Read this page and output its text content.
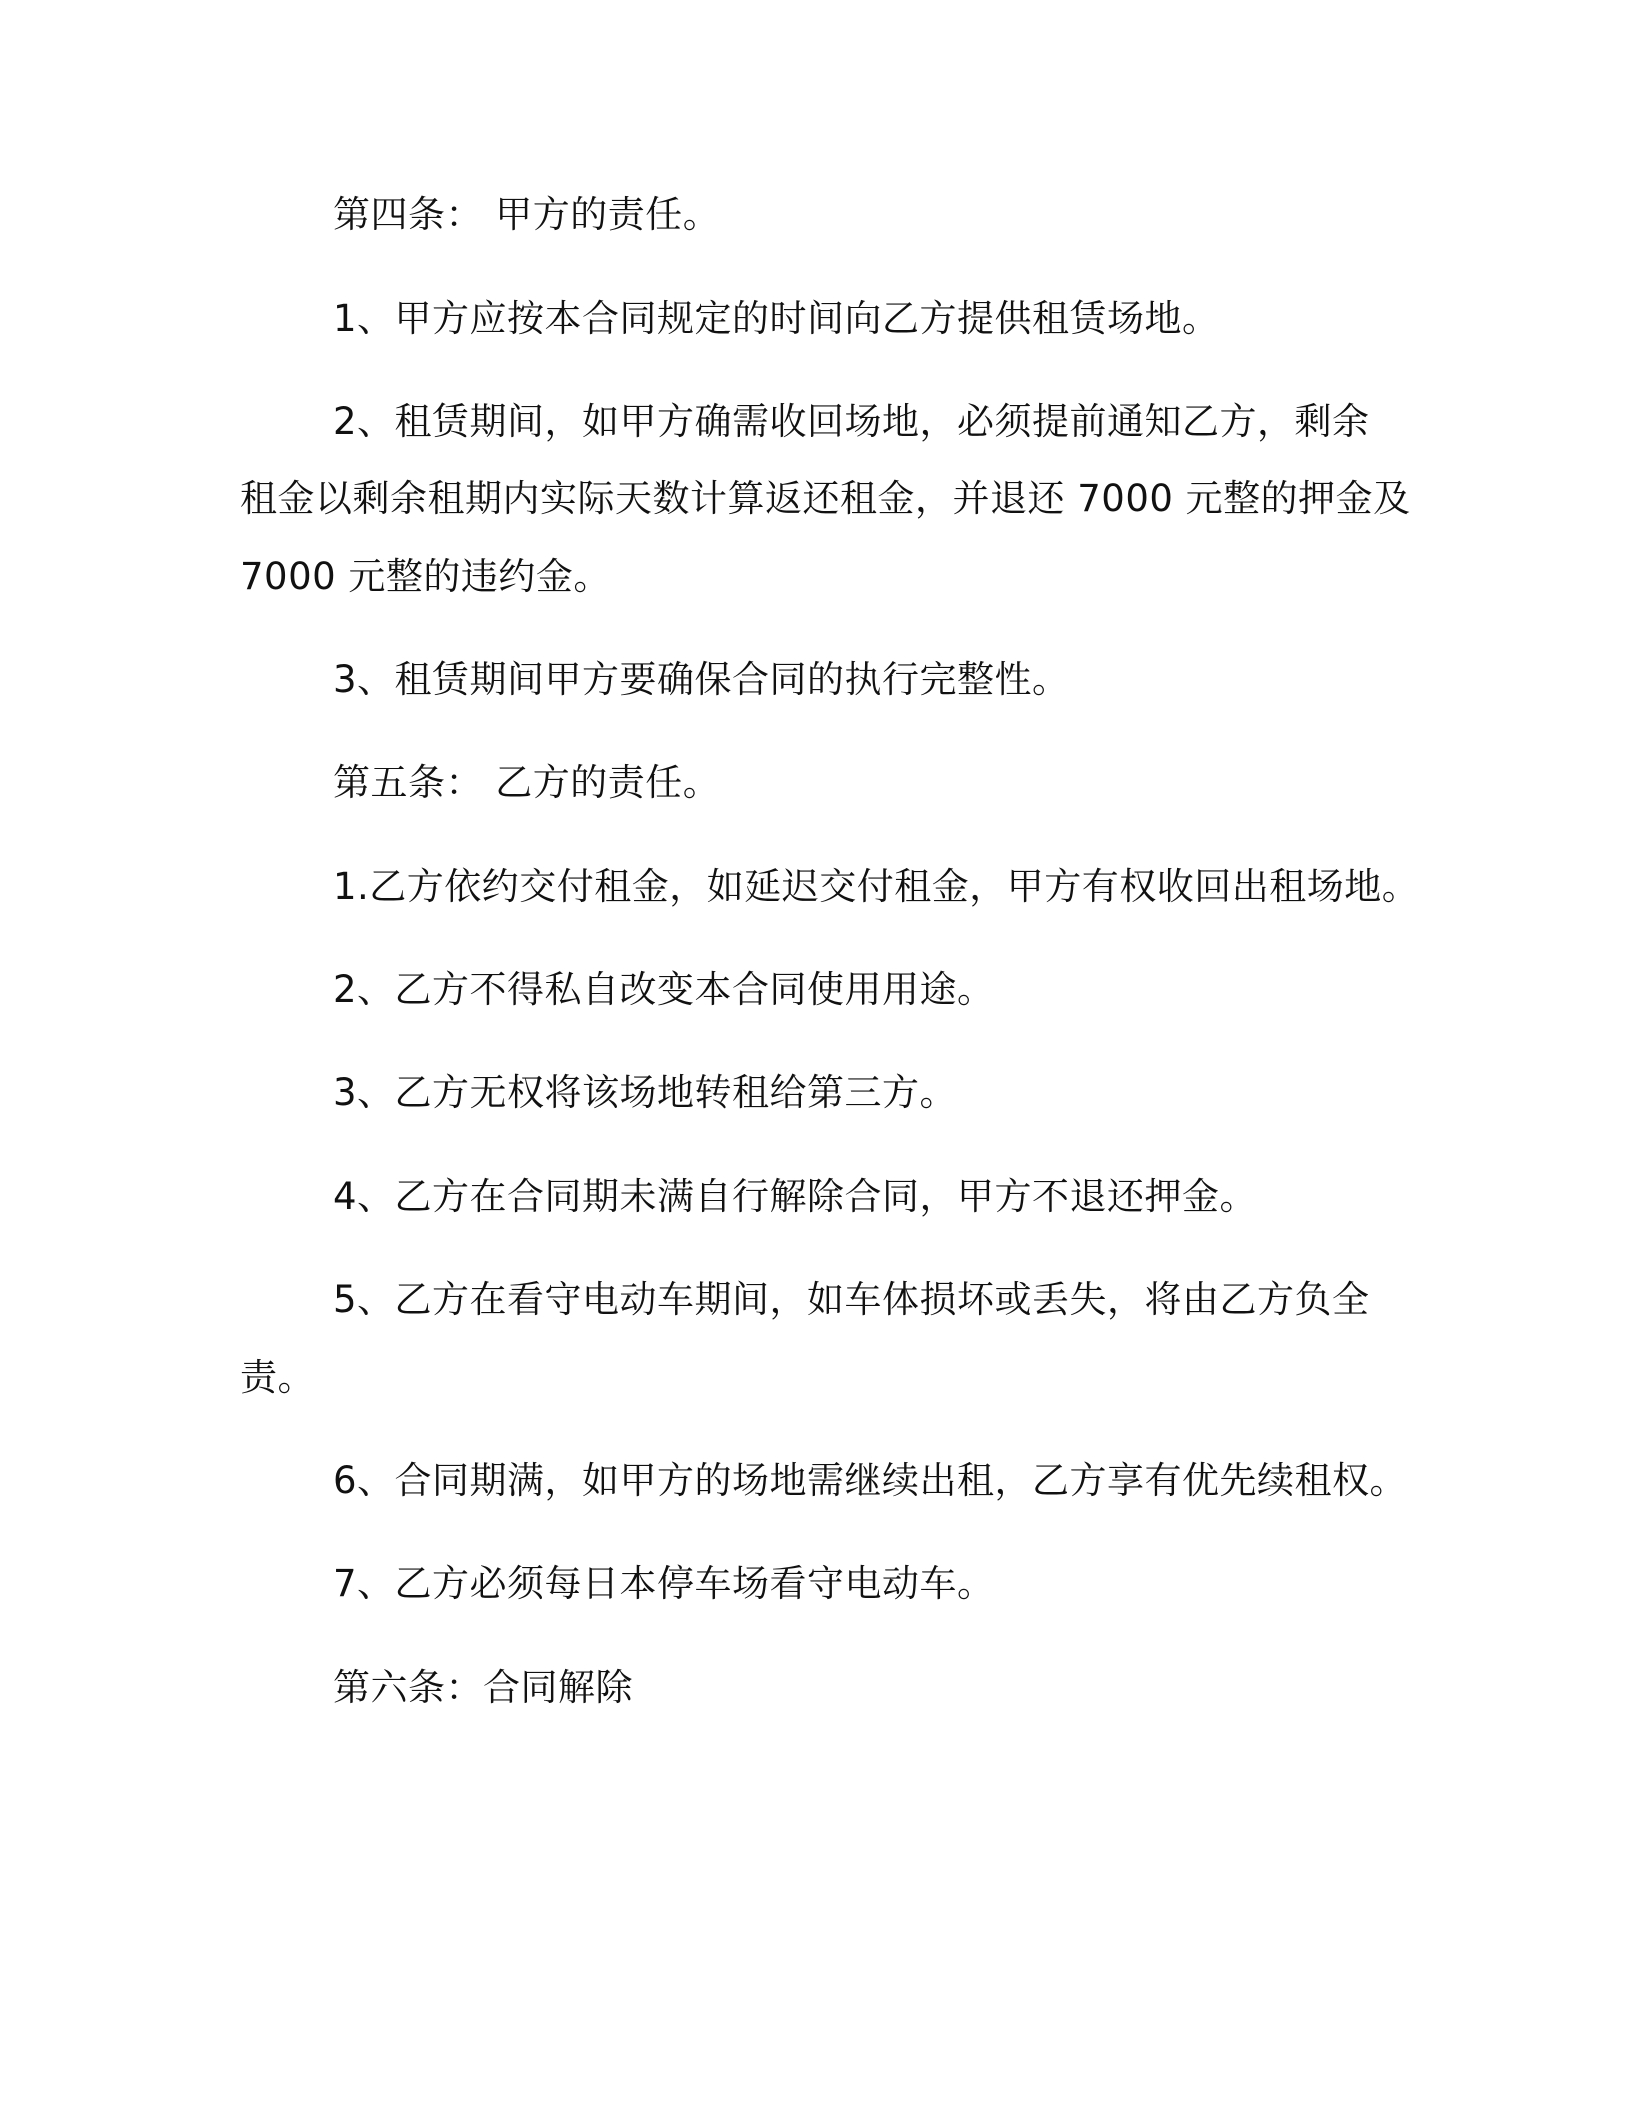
第四条： 甲方的责任。
1、甲方应按本合同规定的时间向乙方提供租赁场地。
2、租赁期间，如甲方确需收回场地，必须提前通知乙方，剩余
租金以剩余租期内实际天数计算返还租金，并退还 7000 元整的押金及
7000 元整的违约金。
3、租赁期间甲方要确保合同的执行完整性。
第五条： 乙方的责任。
1.乙方依约交付租金，如延迟交付租金，甲方有权收回出租场地。
2、乙方不得私自改变本合同使用用途。
3、乙方无权将该场地转租给第三方。
4、乙方在合同期未满自行解除合同，甲方不退还押金。
5、乙方在看守电动车期间，如车体损坏或丢失，将由乙方负全
责。
6、合同期满，如甲方的场地需继续出租，乙方享有优先续租权。
7、乙方必须每日本停车场看守电动车。
第六条：合同解除
